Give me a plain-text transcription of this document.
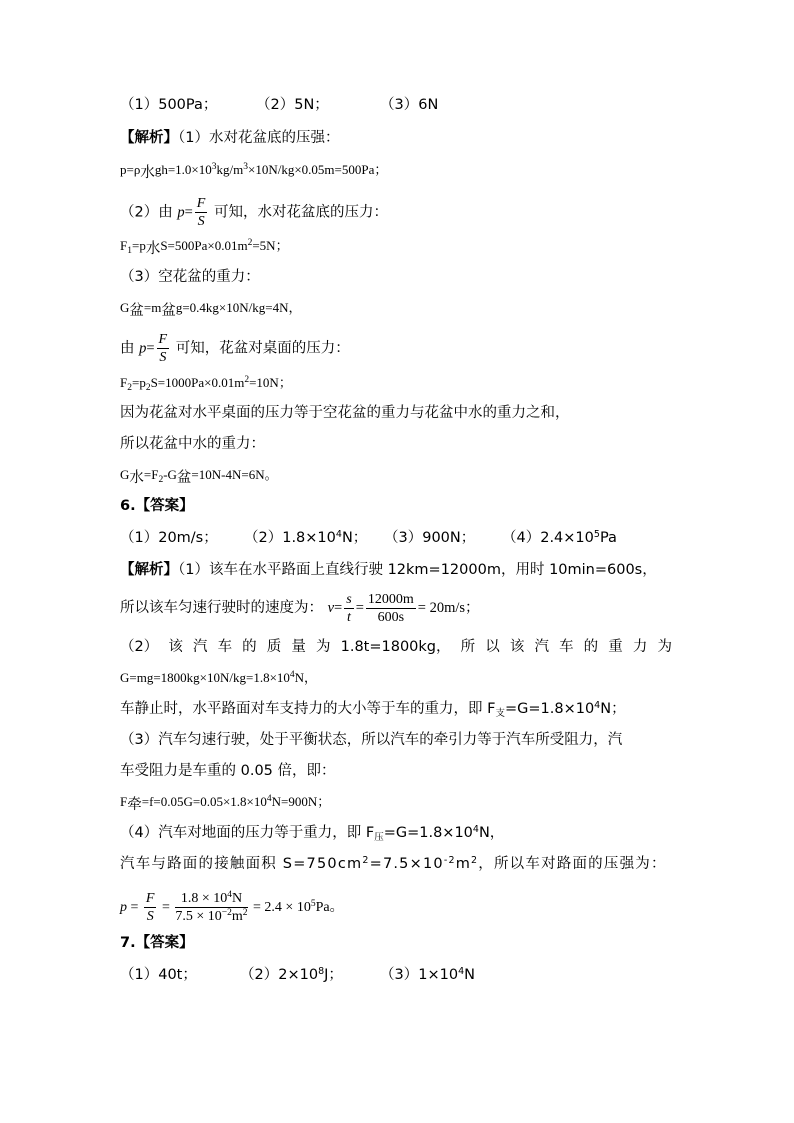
（1）500Pa；	（2）5N；	（3）6N
【解析】（1）水对花盆底的压强：
$p=\rho_水gh=1.0\times 10^3kg/m^3\times 10N/kg\times 0.05m=500Pa$；
（2）由 $p= \frac{F}{S}$ 可知，水对花盆底的压力：
$F_1=p_水S=500Pa\times 0.01m^2=5N$；
（3）空花盆的重力：
$G_盆=m_盆g=0.4kg\times 10N/kg=4N$，
由 $p= \frac{F}{S}$ 可知，花盆对桌面的压力：
$F_2=p_2S=1000Pa\times 0.01m^2=10N$；
因为花盆对水平桌面的压力等于空花盆的重力与花盆中水的重力之和，
所以花盆中水的重力：
$G_水=F_2-G_盆=10N-4N=6N$。
6.【答案】
（1）20m/s； $(2)1.8\times 10^4N$； （3）900N； $(4)2.4\times 10^5Pa$
【解析】（1）该车在水平路面上直线行驶 12km=12000m，用时 10min=600s，
所以该车匀速行驶时的速度为： $v= \frac{s}{t} = \frac{12000m}{600s} = 20m/s$；
（2） 该 汽 车 的 质 量 为 1.8t=1800kg， 所 以 该 汽 车 的 重 力 为
$G=mg=1800kg\times 10N/kg=1.8\times 10^4N$，
车静止时，水平路面对车支持力的大小等于车的重力，即 $F_支=G=1.8\times 10^4N$；
（3）汽车匀速行驶，处于平衡状态，所以汽车的牵引力等于汽车所受阻力，汽
车受阻力是车重的 0.05 倍，即：
$F_牵=f=0.05G=0.05\times 1.8\times 10^4N=900N$；
（4）汽车对地面的压力等于重力，即 $F_压=G=1.8\times 10^4N$，
汽车与路面的接触面积 $S=750cm^2=7.5\times 10^{-2}m^2$，所以车对路面的压强为：
$p = \frac{F}{S} = \frac{1.8 \times 10^4N}{7.5 \times 10^{-2}m^2} = 2.4 \times 10^5Pa$。
7.【答案】
（1）40t；	$(2)2\times 10^8J$；	$(3)1\times 10^4N$
